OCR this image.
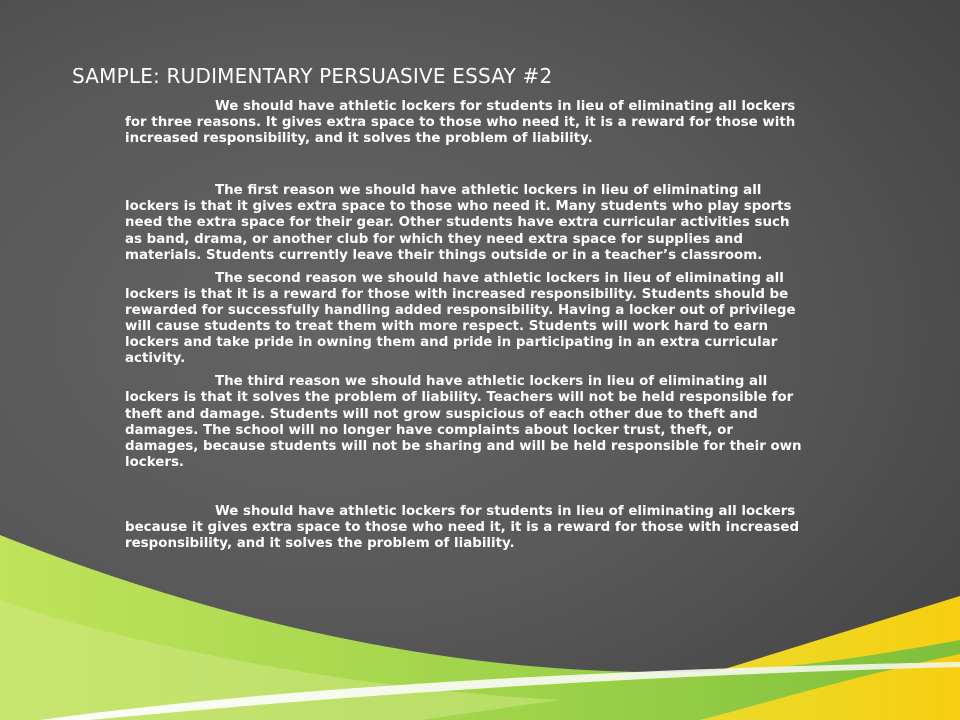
SAMPLE: RUDIMENTARY PERSUASIVE ESSAY #2

We should have athletic lockers for students in lieu of eliminating all lockers for three reasons. It gives extra space to those who need it, it is a reward for those with increased responsibility, and it solves the problem of liability.

The first reason we should have athletic lockers in lieu of eliminating all lockers is that it gives extra space to those who need it. Many students who play sports need the extra space for their gear. Other students have extra curricular activities such as band, drama, or another club for which they need extra space for supplies and materials. Students currently leave their things outside or in a teacher’s classroom.

The second reason we should have athletic lockers in lieu of eliminating all lockers is that it is a reward for those with increased responsibility. Students should be rewarded for successfully handling added responsibility. Having a locker out of privilege will cause students to treat them with more respect. Students will work hard to earn lockers and take pride in owning them and pride in participating in an extra curricular activity.

The third reason we should have athletic lockers in lieu of eliminating all lockers is that it solves the problem of liability. Teachers will not be held responsible for theft and damage. Students will not grow suspicious of each other due to theft and damages. The school will no longer have complaints about locker trust, theft, or damages, because students will not be sharing and will be held responsible for their own lockers.

We should have athletic lockers for students in lieu of eliminating all lockers because it gives extra space to those who need it, it is a reward for those with increased responsibility, and it solves the problem of liability.
